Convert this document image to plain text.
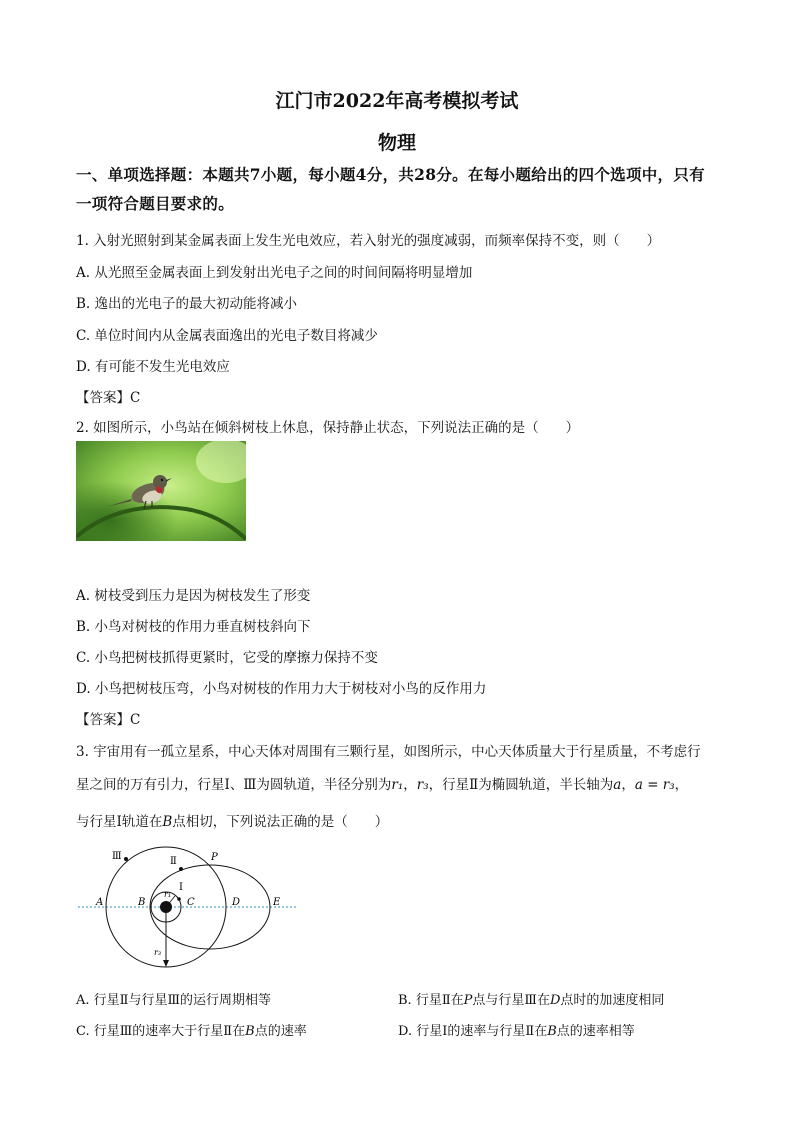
江门市2022年高考模拟考试
物理
一、单项选择题：本题共7小题，每小题4分，共28分。在每小题给出的四个选项中，只有
一项符合题目要求的。
1. 入射光照射到某金属表面上发生光电效应，若入射光的强度减弱，而频率保持不变，则（　　）
A. 从光照至金属表面上到发射出光电子之间的时间间隔将明显增加
B. 逸出的光电子的最大初动能将减小
C. 单位时间内从金属表面逸出的光电子数目将减少
D. 有可能不发生光电效应
【答案】C
2. 如图所示，小鸟站在倾斜树枝上休息，保持静止状态，下列说法正确的是（　　）
A. 树枝受到压力是因为树枝发生了形变
B. 小鸟对树枝的作用力垂直树枝斜向下
C. 小鸟把树枝抓得更紧时，它受的摩擦力保持不变
D. 小鸟把树枝压弯，小鸟对树枝的作用力大于树枝对小鸟的反作用力
【答案】C
3. 宇宙用有一孤立星系，中心天体对周围有三颗行星，如图所示，中心天体质量大于行星质量，不考虑行
星之间的万有引力，行星Ⅰ、Ⅲ为圆轨道，半径分别为r₁，r₃，行星Ⅱ为椭圆轨道，半长轴为a，a = r₃，
与行星Ⅰ轨道在B点相切，下列说法正确的是（　　）
Ⅲ	Ⅱ
Ⅰ
P
A	B	C	D	E
r₁
r₃
A. 行星Ⅱ与行星Ⅲ的运行周期相等	B. 行星Ⅱ在P点与行星Ⅲ在D点时的加速度相同
C. 行星Ⅲ的速率大于行星Ⅱ在B点的速率	D. 行星Ⅰ的速率与行星Ⅱ在B点的速率相等
